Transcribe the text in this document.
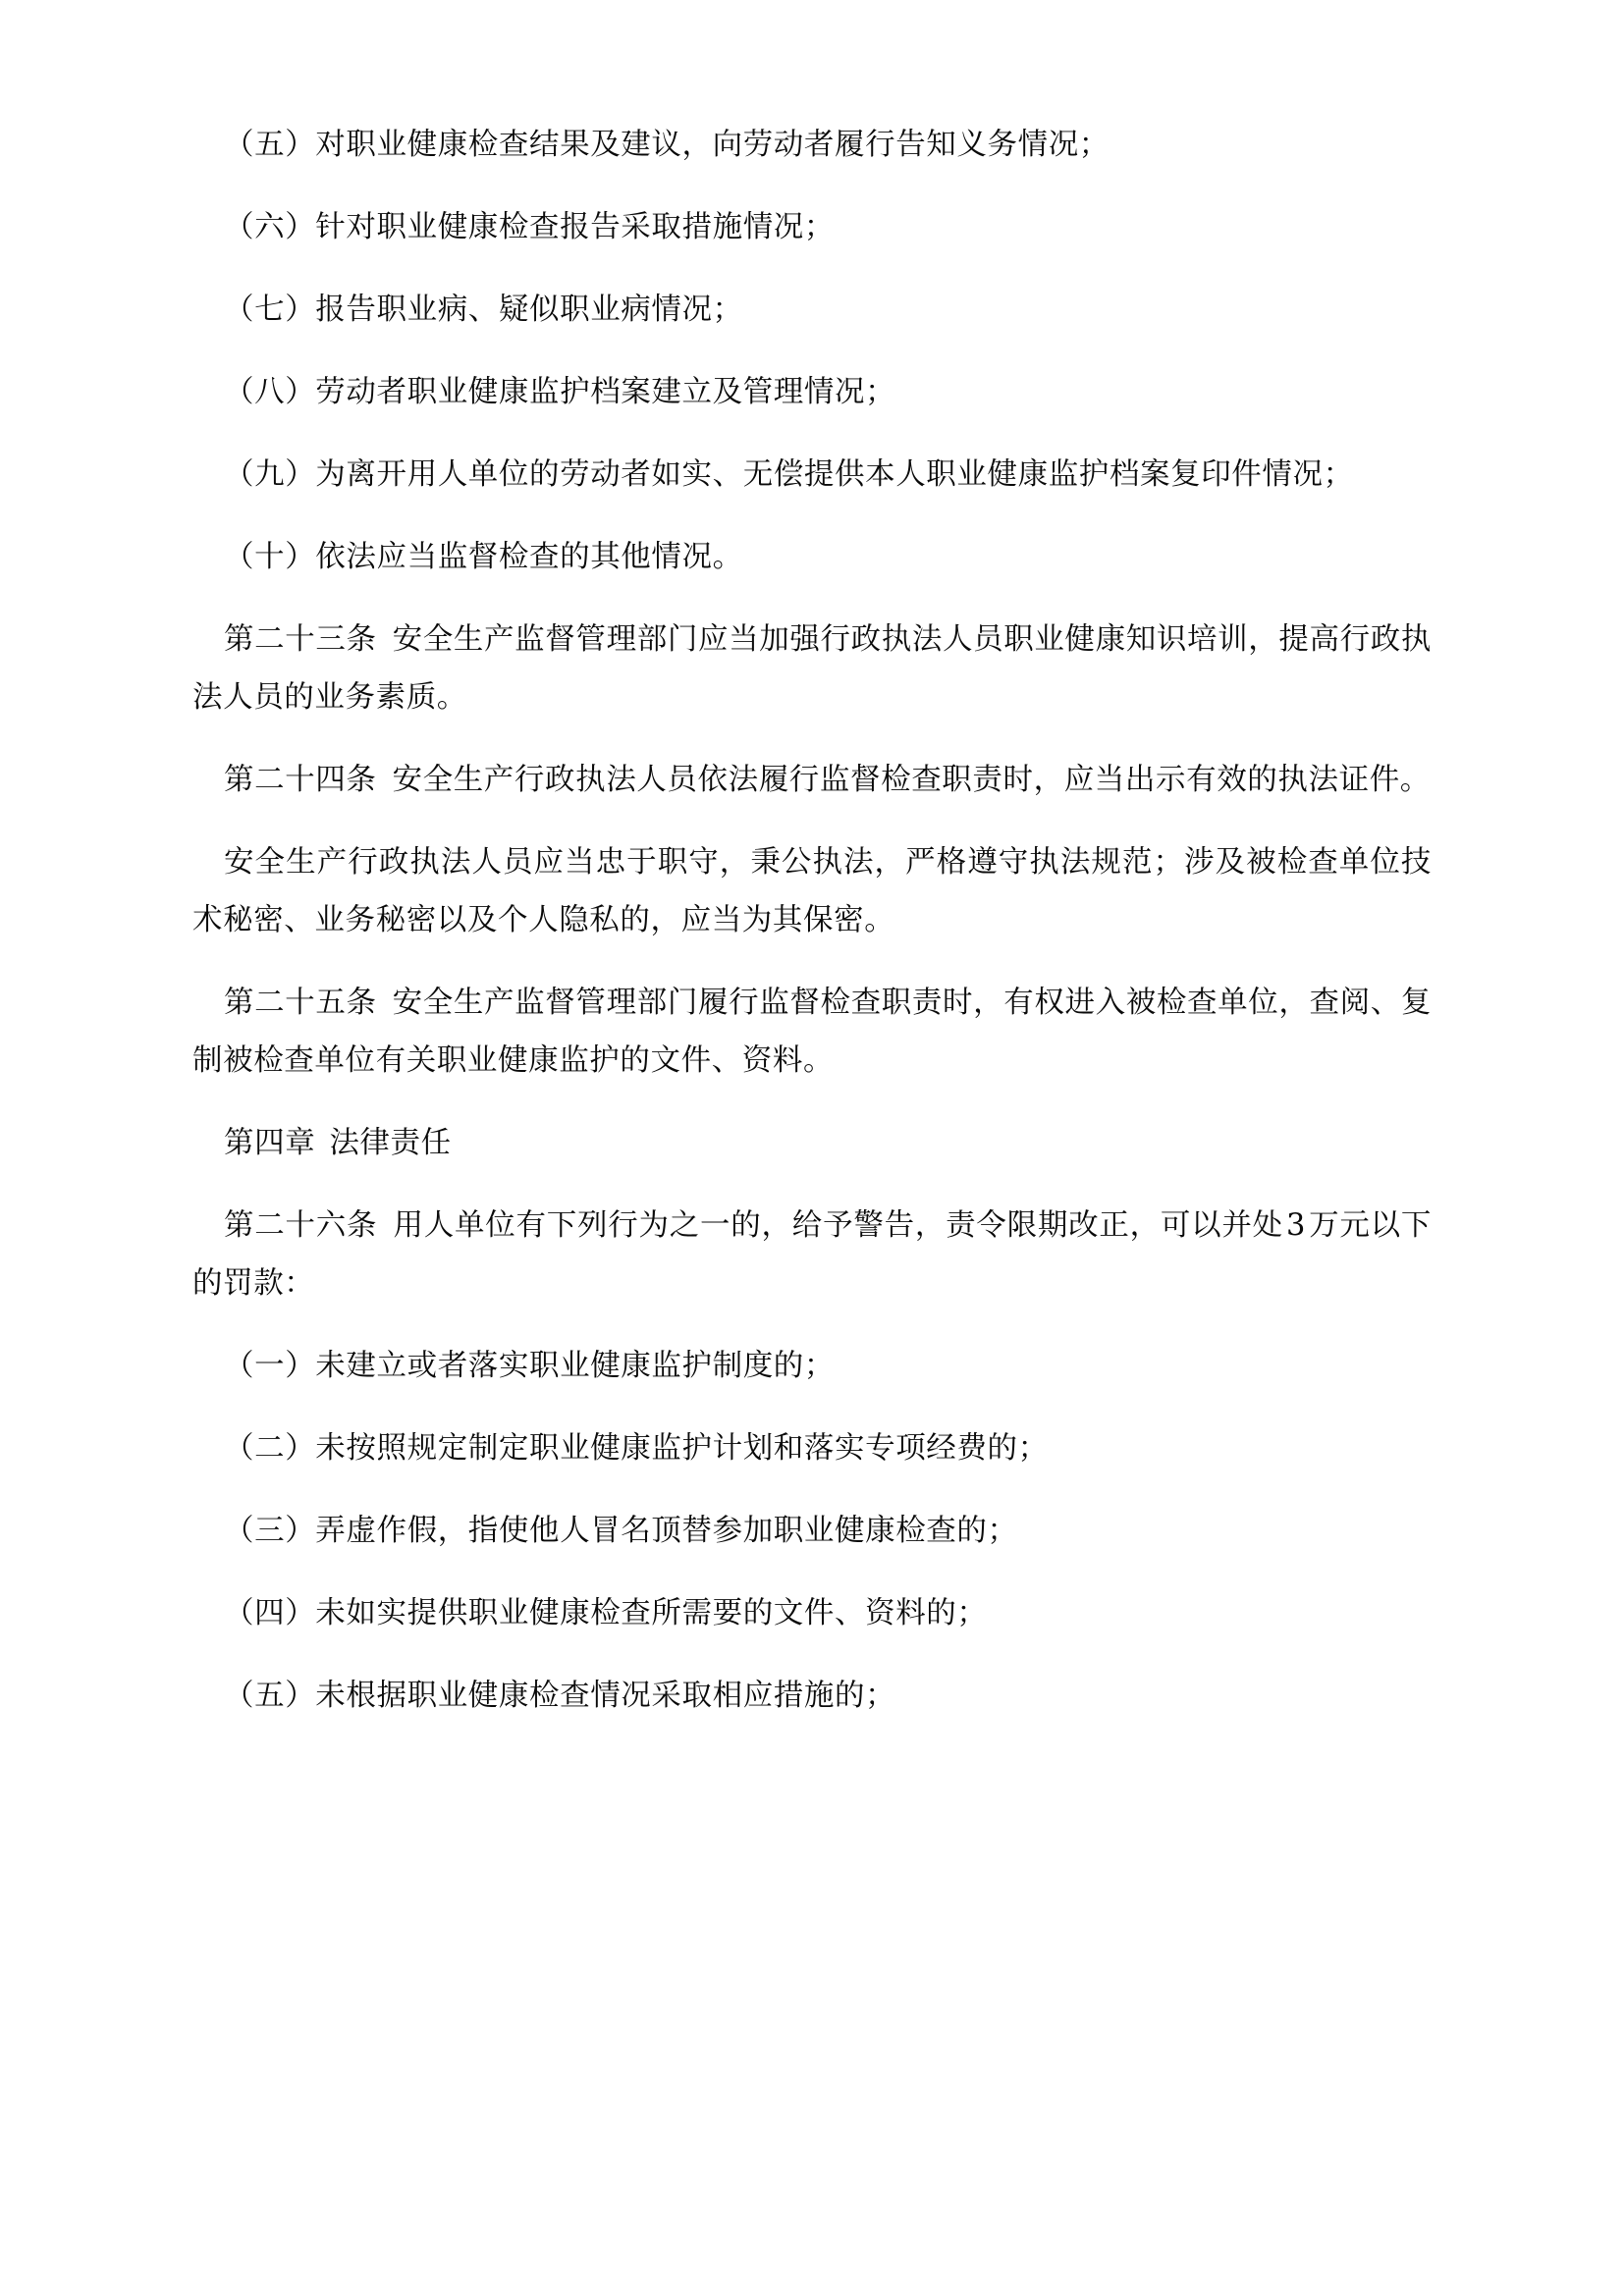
（五）对职业健康检查结果及建议，向劳动者履行告知义务情况；

（六）针对职业健康检查报告采取措施情况；

（七）报告职业病、疑似职业病情况；

（八）劳动者职业健康监护档案建立及管理情况；

（九）为离开用人单位的劳动者如实、无偿提供本人职业健康监护档案复印件情况；

（十）依法应当监督检查的其他情况。

第二十三条 安全生产监督管理部门应当加强行政执法人员职业健康知识培训，提高行政执法人员的业务素质。

第二十四条 安全生产行政执法人员依法履行监督检查职责时，应当出示有效的执法证件。

安全生产行政执法人员应当忠于职守，秉公执法，严格遵守执法规范；涉及被检查单位技术秘密、业务秘密以及个人隐私的，应当为其保密。

第二十五条 安全生产监督管理部门履行监督检查职责时，有权进入被检查单位，查阅、复制被检查单位有关职业健康监护的文件、资料。

第四章 法律责任

第二十六条 用人单位有下列行为之一的，给予警告，责令限期改正，可以并处3万元以下的罚款：

（一）未建立或者落实职业健康监护制度的；

（二）未按照规定制定职业健康监护计划和落实专项经费的；

（三）弄虚作假，指使他人冒名顶替参加职业健康检查的；

（四）未如实提供职业健康检查所需要的文件、资料的；

（五）未根据职业健康检查情况采取相应措施的；
